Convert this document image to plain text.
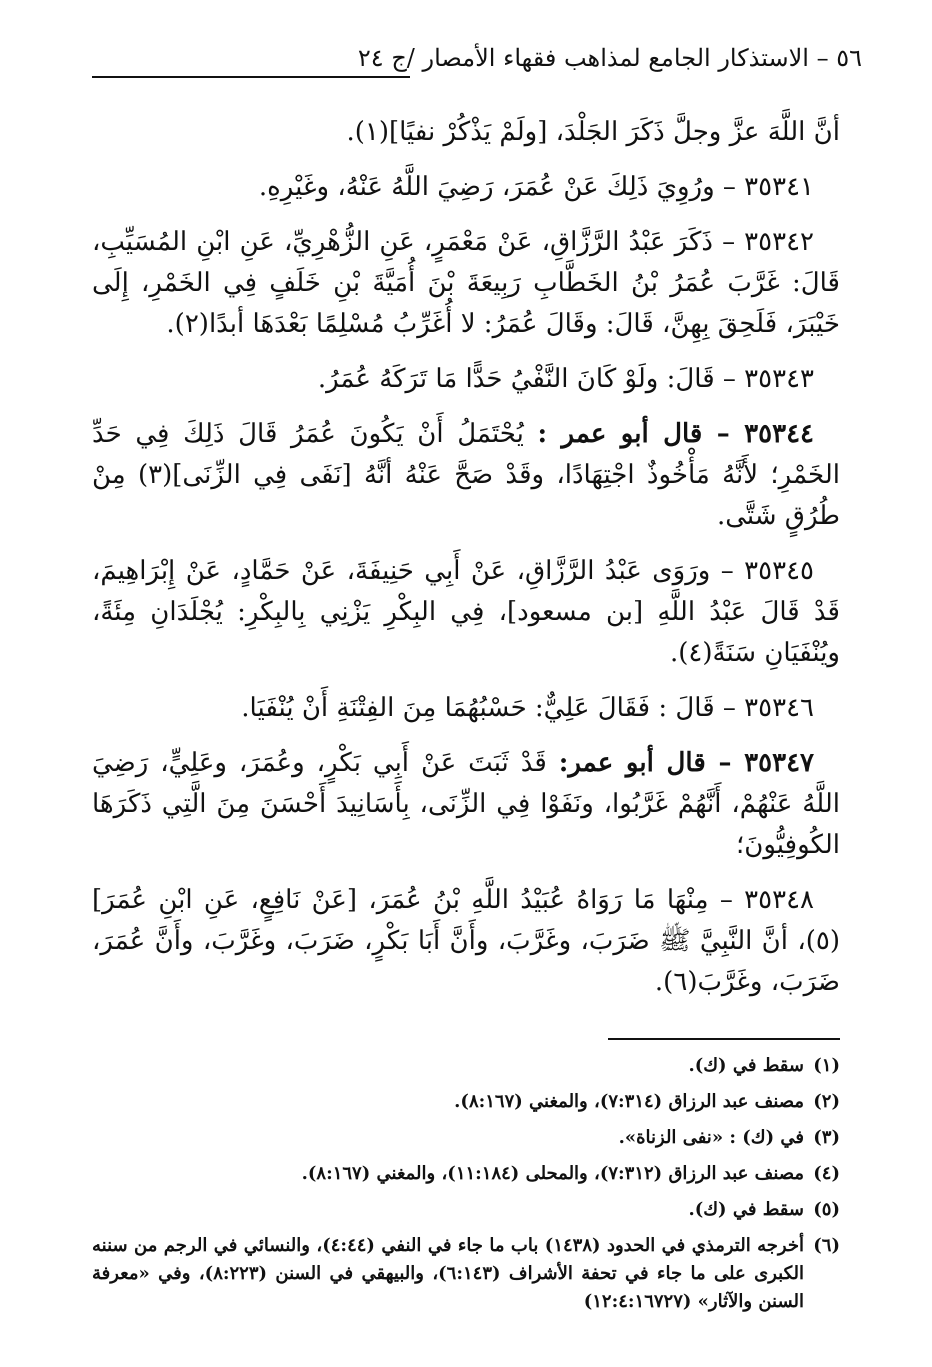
٥٦ – الاستذكار الجامع لمذاهب فقهاء الأمصار /ج ٢٤

أنَّ اللَّهَ عزَّ وجلَّ ذَكَرَ الجَلْدَ، [ولَمْ يَذْكُرْ نفيًا](١).

٣٥٣٤١ – ورُوِيَ ذَلِكَ عَنْ عُمَرَ، رَضِيَ اللَّهُ عَنْهُ، وغَيْرِهِ.

٣٥٣٤٢ – ذَكَرَ عَبْدُ الرَّزَّاقِ، عَنْ مَعْمَرٍ، عَنِ الزُّهْرِيِّ، عَنِ ابْنِ المُسَيِّبِ، قَالَ: غَرَّبَ عُمَرُ بْنُ الخَطَّابِ رَبِيعَةَ بْنَ أُمَيَّةَ بْنِ خَلَفٍ فِي الخَمْرِ، إِلَى خَيْبَرَ، فَلَحِقَ بِهِنَّ، قَالَ: وقَالَ عُمَرُ: لا أُغَرِّبُ مُسْلِمًا بَعْدَهَا أبدًا(٢).

٣٥٣٤٣ – قَالَ: ولَوْ كَانَ النَّفْيُ حَدًّا مَا تَرَكَهُ عُمَرُ.

٣٥٣٤٤ – قال أبو عمر : يُحْتَمَلُ أَنْ يَكُونَ عُمَرُ قَالَ ذَلِكَ فِي حَدِّ الخَمْرِ؛ لأَنَّهُ مَأْخُوذٌ اجْتِهَادًا، وقَدْ صَحَّ عَنْهُ أنَّهُ [نَفَى فِي الزِّنَى](٣) مِنْ طُرُقٍ شَتَّى.

٣٥٣٤٥ – ورَوَى عَبْدُ الرَّزَّاقِ، عَنْ أَبِي حَنِيفَةَ، عَنْ حَمَّادٍ، عَنْ إِبْرَاهِيمَ، قَدْ قَالَ عَبْدُ اللَّهِ [بن مسعود]، فِي البِكْرِ يَزْنِي بِالبِكْرِ: يُجْلَدَانِ مِئَةً، ويُنْفَيَانِ سَنَةً(٤).

٣٥٣٤٦ – قَالَ : فَقَالَ عَلِيٌّ: حَسْبُهُمَا مِنَ الفِتْنَةِ أَنْ يُنْفَيَا.

٣٥٣٤٧ – قال أبو عمر: قَدْ ثَبَتَ عَنْ أَبِي بَكْرٍ، وعُمَرَ، وعَلِيٍّ، رَضِيَ اللَّهُ عَنْهُمْ، أَنَّهُمْ غَرَّبُوا، ونَفَوْا فِي الزِّنَى، بِأَسَانِيدَ أَحْسَنَ مِنَ الَّتِي ذَكَرَهَا الكُوفِيُّونَ؛

٣٥٣٤٨ – مِنْهَا مَا رَوَاهُ عُبَيْدُ اللَّهِ بْنُ عُمَرَ، [عَنْ نَافِعٍ، عَنِ ابْنِ عُمَرَ](٥)، أنَّ النَّبِيَّ ﷺ ضَرَبَ، وغَرَّبَ، وأَنَّ أَبَا بَكْرٍ، ضَرَبَ، وغَرَّبَ، وأَنَّ عُمَرَ، ضَرَبَ، وغَرَّبَ(٦).

(١)
سقط في (ك).
(٢)
مصنف عبد الرزاق (٧:٣١٤)، والمغني (٨:١٦٧).
(٣)
في (ك) : «نفى الزناة».
(٤)
مصنف عبد الرزاق (٧:٣١٢)، والمحلى (١١:١٨٤)، والمغني (٨:١٦٧).
(٥)
سقط في (ك).
(٦)
أخرجه الترمذي في الحدود (١٤٣٨) باب ما جاء في النفي (٤:٤٤)، والنسائي في الرجم من سننه الكبرى على ما جاء في تحفة الأشراف (٦:١٤٣)، والبيهقي في السنن (٨:٢٢٣)، وفي «معرفة السنن والآثار» (١٢:٤:١٦٧٢٧)
